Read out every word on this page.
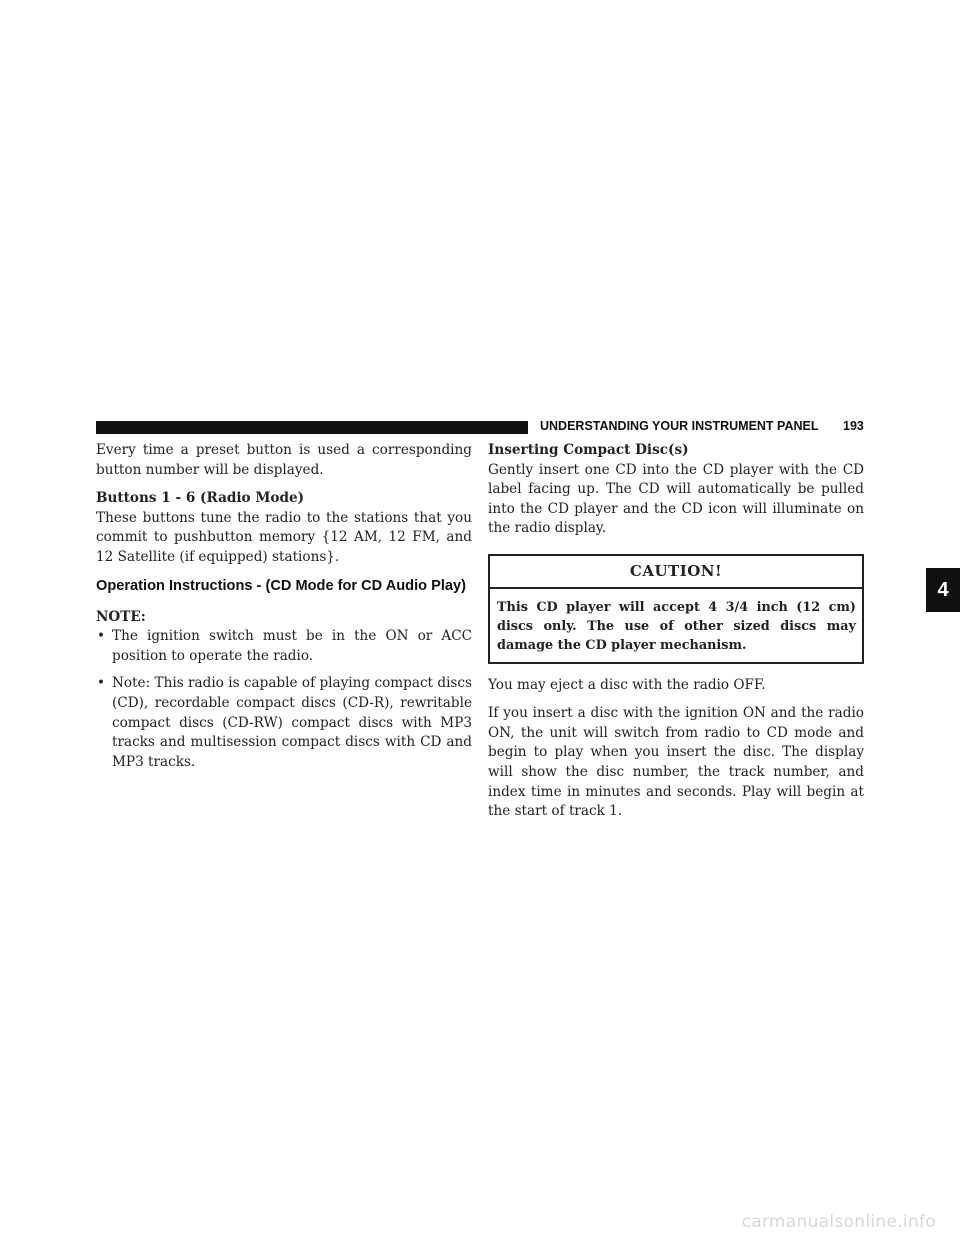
UNDERSTANDING YOUR INSTRUMENT PANEL 193

Every time a preset button is used a corresponding button number will be displayed.

Buttons 1 - 6 (Radio Mode)

These buttons tune the radio to the stations that you commit to pushbutton memory {12 AM, 12 FM, and 12 Satellite (if equipped) stations}.

Operation Instructions - (CD Mode for CD Audio Play)

NOTE:

• The ignition switch must be in the ON or ACC position to operate the radio.
• Note: This radio is capable of playing compact discs (CD), recordable compact discs (CD-R), rewritable compact discs (CD-RW) compact discs with MP3 tracks and multisession compact discs with CD and MP3 tracks.

Inserting Compact Disc(s)

Gently insert one CD into the CD player with the CD label facing up. The CD will automatically be pulled into the CD player and the CD icon will illuminate on the radio display.

CAUTION!
This CD player will accept 4 3/4 inch (12 cm) discs only. The use of other sized discs may damage the CD player mechanism.

You may eject a disc with the radio OFF.

If you insert a disc with the ignition ON and the radio ON, the unit will switch from radio to CD mode and begin to play when you insert the disc. The display will show the disc number, the track number, and index time in minutes and seconds. Play will begin at the start of track 1.

4
carmanualsonline.info
